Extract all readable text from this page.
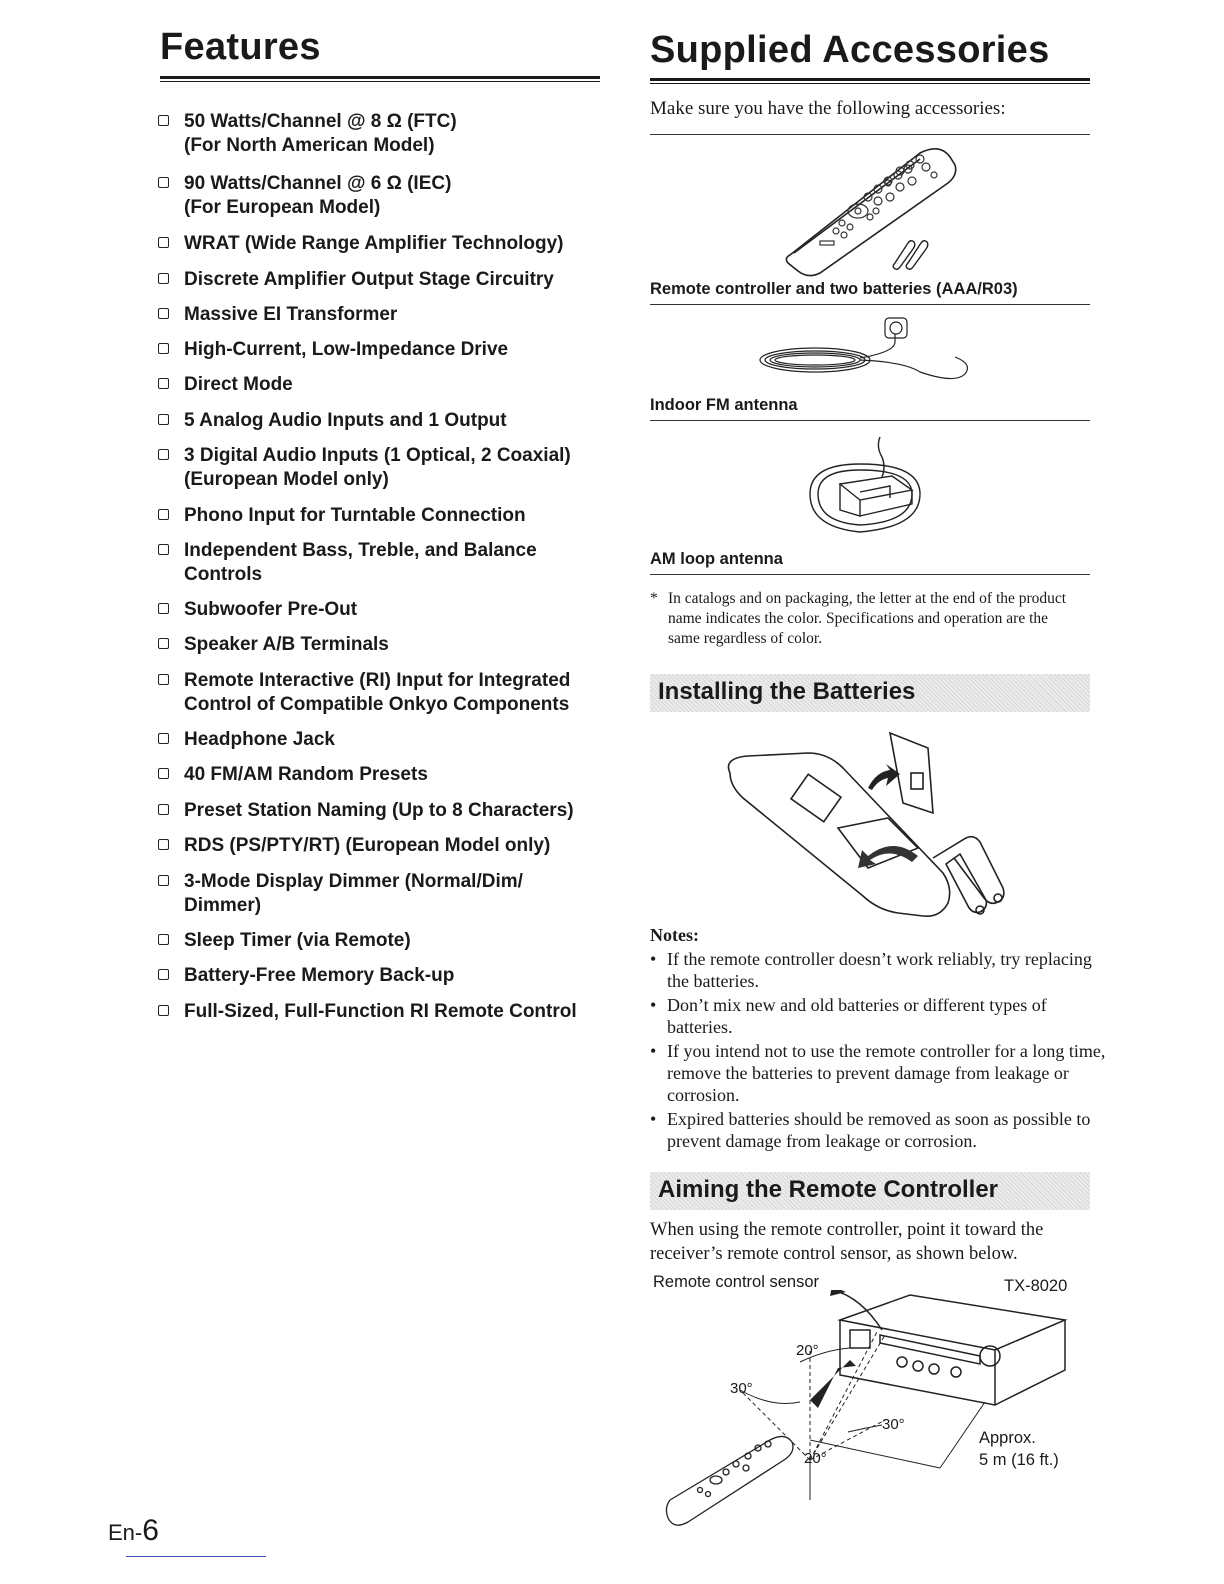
Features
50 Watts/Channel @ 8 Ω (FTC)
(For North American Model)
90 Watts/Channel @ 6 Ω (IEC)
(For European Model)
WRAT (Wide Range Amplifier Technology)
Discrete Amplifier Output Stage Circuitry
Massive EI Transformer
High-Current, Low-Impedance Drive
Direct Mode
5 Analog Audio Inputs and 1 Output
3 Digital Audio Inputs (1 Optical, 2 Coaxial)
(European Model only)
Phono Input for Turntable Connection
Independent Bass, Treble, and Balance
Controls
Subwoofer Pre-Out
Speaker A/B Terminals
Remote Interactive (RI) Input for Integrated
Control of Compatible Onkyo Components
Headphone Jack
40 FM/AM Random Presets
Preset Station Naming (Up to 8 Characters)
RDS (PS/PTY/RT) (European Model only)
3-Mode Display Dimmer (Normal/Dim/
Dimmer)
Sleep Timer (via Remote)
Battery-Free Memory Back-up
Full-Sized, Full-Function RI Remote Control
Supplied Accessories
Make sure you have the following accessories:
Remote controller and two batteries (AAA/R03)
Indoor FM antenna
AM loop antenna
* In catalogs and on packaging, the letter at the end of the product name indicates the color. Specifications and operation are the same regardless of color.
Installing the Batteries
Notes:
• If the remote controller doesn’t work reliably, try replacing the batteries.
• Don’t mix new and old batteries or different types of batteries.
• If you intend not to use the remote controller for a long time, remove the batteries to prevent damage from leakage or corrosion.
• Expired batteries should be removed as soon as possible to prevent damage from leakage or corrosion.
Aiming the Remote Controller
When using the remote controller, point it toward the receiver’s remote control sensor, as shown below.
Remote control sensor	TX-8020
20°
30°
30°
20°
Approx.
5 m (16 ft.)
En-6
